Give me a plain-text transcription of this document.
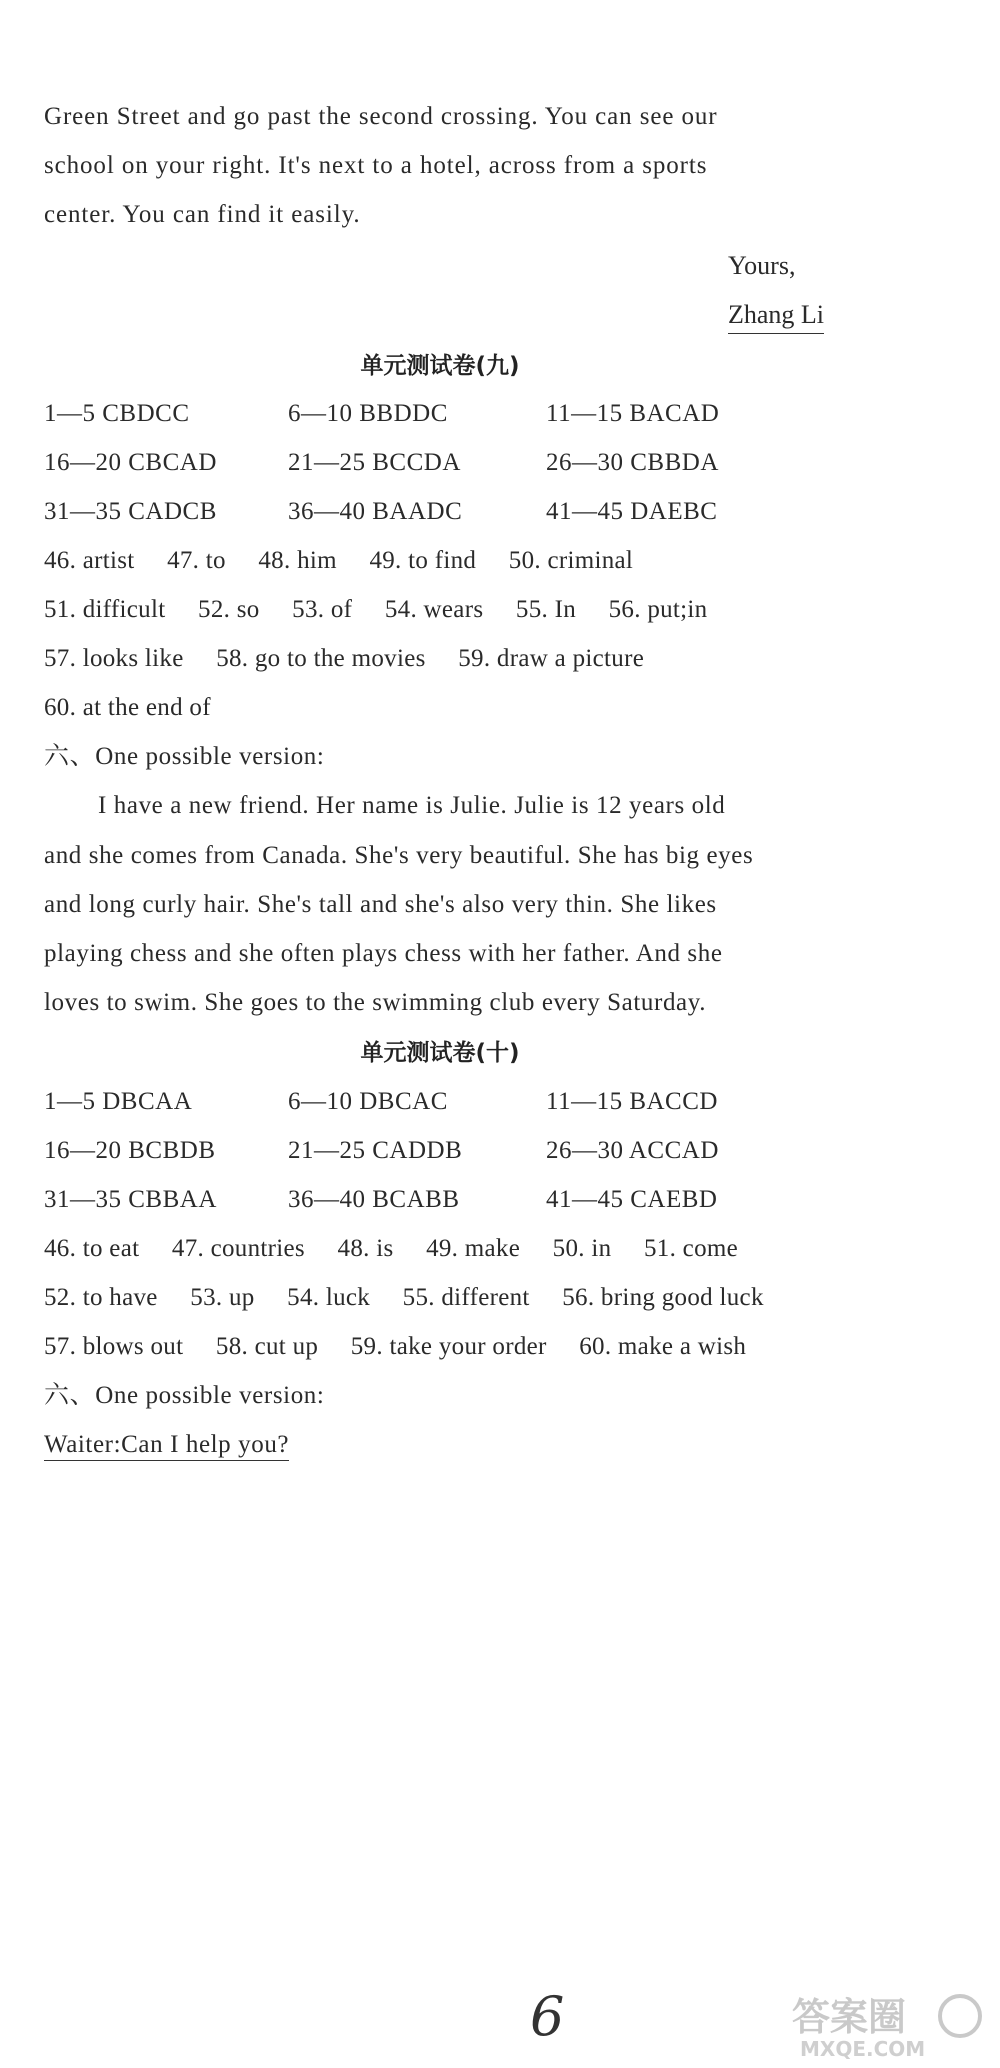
Green Street and go past the second crossing. You can see our
school on your right. It's next to a hotel, across from a sports
center. You can find it easily.
Yours,
Zhang Li
单元测试卷(九)
1—5 CBDCC	6—10 BBDDC	11—15 BACAD
16—20 CBCAD	21—25 BCCDA	26—30 CBBDA
31—35 CADCB	36—40 BAADC	41—45 DAEBC
46. artist 47. to 48. him 49. to find 50. criminal
51. difficult 52. so 53. of 54. wears 55. In 56. put;in
57. looks like 58. go to the movies 59. draw a picture
60. at the end of
六、One possible version:
I have a new friend. Her name is Julie. Julie is 12 years old
and she comes from Canada. She's very beautiful. She has big eyes
and long curly hair. She's tall and she's also very thin. She likes
playing chess and she often plays chess with her father. And she
loves to swim. She goes to the swimming club every Saturday.
单元测试卷(十)
1—5 DBCAA	6—10 DBCAC	11—15 BACCD
16—20 BCBDB	21—25 CADDB	26—30 ACCAD
31—35 CBBAA	36—40 BCABB	41—45 CAEBD
46. to eat 47. countries 48. is 49. make 50. in 51. come
52. to have 53. up 54. luck 55. different 56. bring good luck
57. blows out 58. cut up 59. take your order 60. make a wish
六、One possible version:
Waiter:Can I help you?
6	答案圈
MXQE.COM
